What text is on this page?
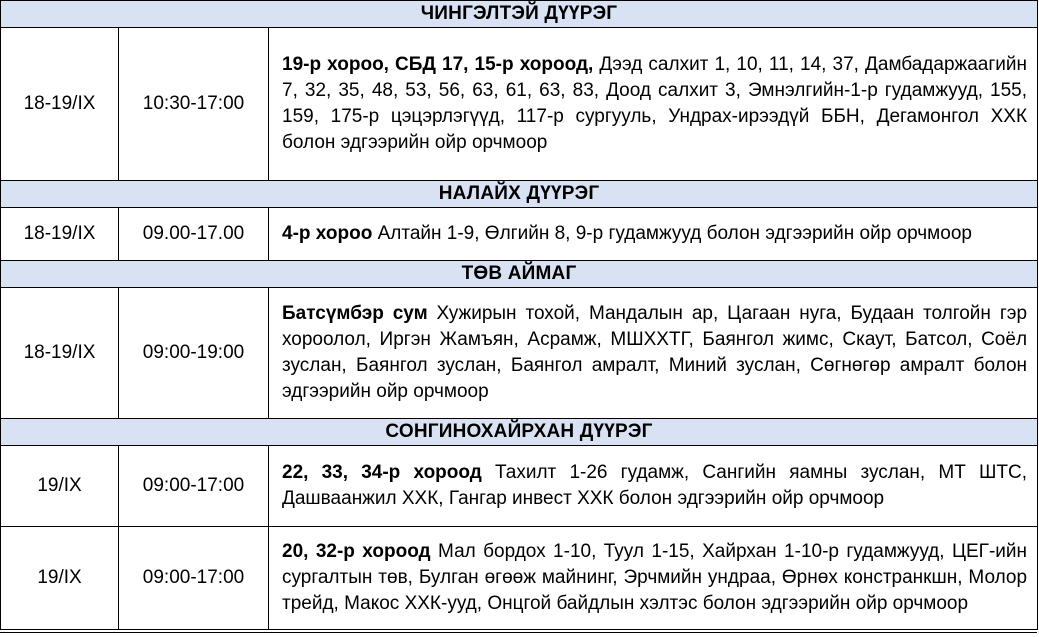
ЧИНГЭЛТЭЙ ДҮҮРЭГ		
18-19/IX	10:30-17:00	19-р хороо, СБД 17, 15-р хороод, Дээд салхит 1, 10, 11, 14, 37, Дамбадаржаагийн 7, 32, 35, 48, 53, 56, 63, 61, 63, 83, Доод салхит 3, Эмнэлгийн-1-р гудамжууд, 155, 159, 175-р цэцэрлэгүүд, 117-р сургууль, Ундрах-ирээдүй ББН, Дегамонгол ХХК болон эдгээрийн ойр орчмоор
НАЛАЙХ ДҮҮРЭГ		
18-19/IX	09.00-17.00	4-р хороо Алтайн 1-9, Өлгийн 8, 9-р гудамжууд болон эдгээрийн ойр орчмоор
ТӨВ АЙМАГ		
18-19/IX	09:00-19:00	Батсүмбэр сум Хужирын тохой, Мандалын ар, Цагаан нуга, Будаан толгойн гэр хороолол, Иргэн Жамъян, Асрамж, МШХХТГ, Баянгол жимс, Скаут, Батсол, Соёл зуслан, Баянгол зуслан, Баянгол амралт, Миний зуслан, Сөгнөгөр амралт болон эдгээрийн ойр орчмоор
СОНГИНОХАЙРХАН ДҮҮРЭГ		
19/IX	09:00-17:00	22, 33, 34-р хороод Тахилт 1-26 гудамж, Сангийн яамны зуслан, МТ ШТС, Дашваанжил ХХК, Гангар инвест ХХК болон эдгээрийн ойр орчмоор
19/IX	09:00-17:00	20, 32-р хороод Мал бордох 1-10, Туул 1-15, Хайрхан 1-10-р гудамжууд, ЦЕГ-ийн сургалтын төв, Булган өгөөж майнинг, Эрчмийн ундраа, Өрнөх констранкшн, Молор трейд, Макос ХХК-ууд, Онцгой байдлын хэлтэс болон эдгээрийн ойр орчмоор
